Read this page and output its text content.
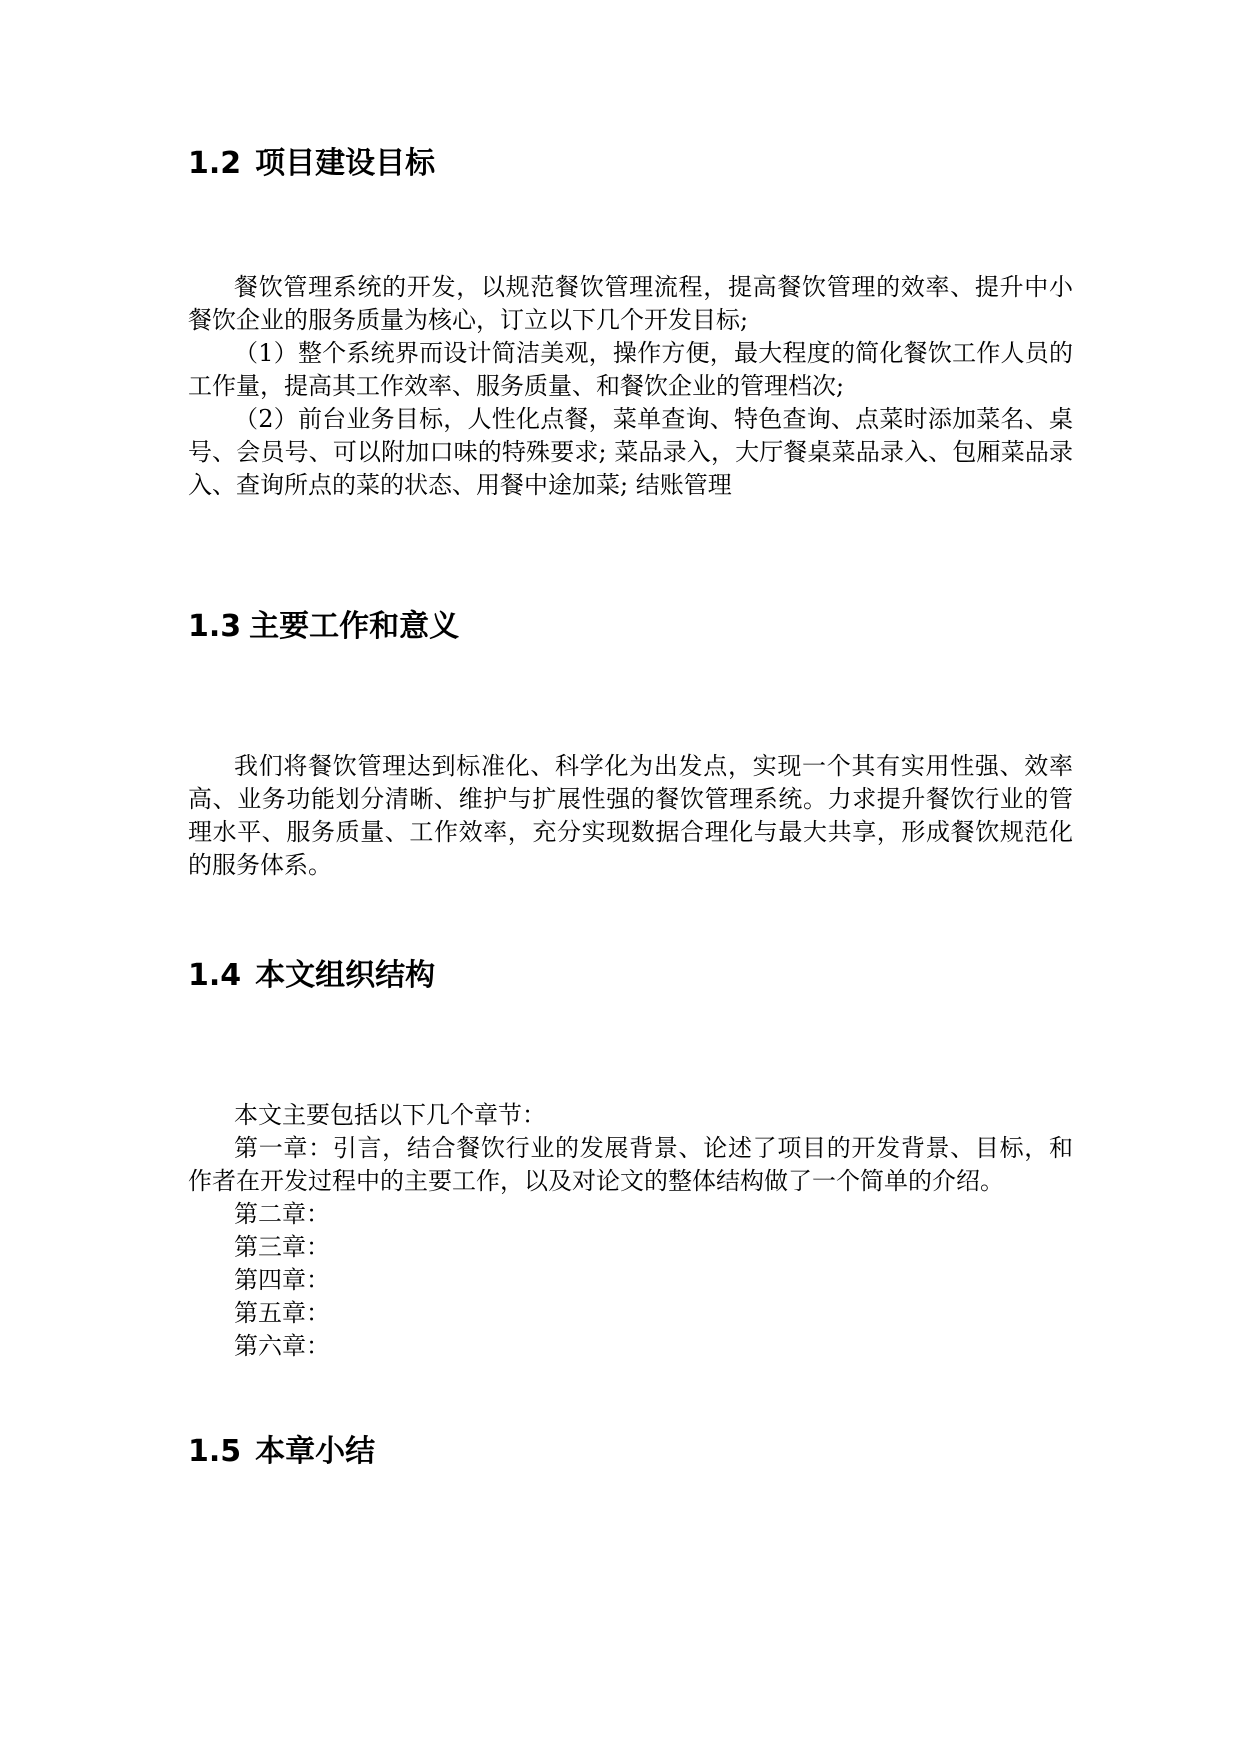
1.2 项目建设目标

餐饮管理系统的开发，以规范餐饮管理流程，提高餐饮管理的效率、提升中小餐饮企业的服务质量为核心，订立以下几个开发目标;

（1）整个系统界而设计简洁美观，操作方便，最大程度的简化餐饮工作人员的工作量，提高其工作效率、服务质量、和餐饮企业的管理档次;

（2）前台业务目标，人性化点餐，菜单查询、特色查询、点菜时添加菜名、桌号、会员号、可以附加口味的特殊要求; 菜品录入，大厅餐桌菜品录入、包厢菜品录入、查询所点的菜的状态、用餐中途加菜; 结账管理

1.3 主要工作和意义

我们将餐饮管理达到标准化、科学化为出发点，实现一个其有实用性强、效率高、业务功能划分清晰、维护与扩展性强的餐饮管理系统。力求提升餐饮行业的管理水平、服务质量、工作效率，充分实现数据合理化与最大共享，形成餐饮规范化的服务体系。

1.4 本文组织结构

本文主要包括以下几个章节：

第一章：引言，结合餐饮行业的发展背景、论述了项目的开发背景、目标，和作者在开发过程中的主要工作，以及对论文的整体结构做了一个简单的介绍。

第二章：

第三章：

第四章：

第五章：

第六章：

1.5 本章小结
